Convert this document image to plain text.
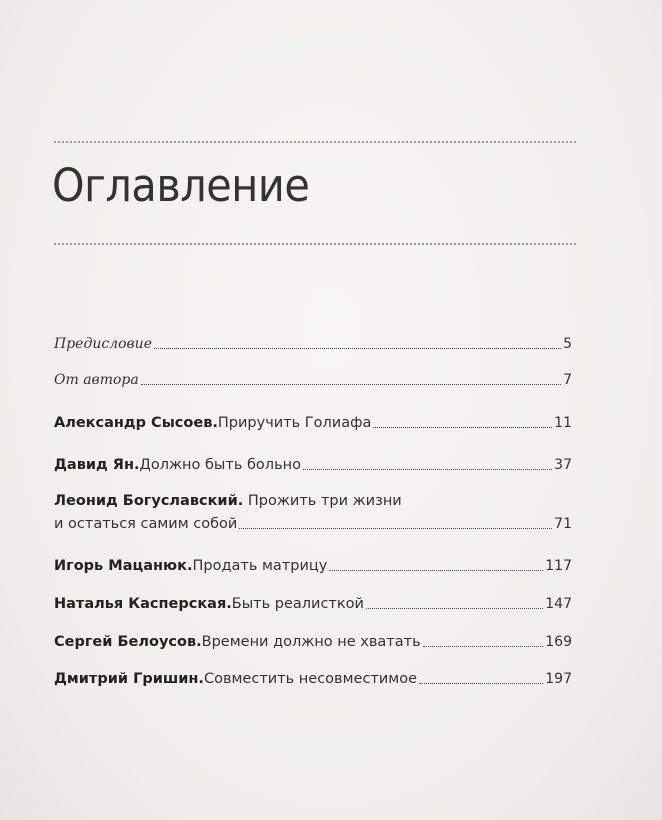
Оглавление
Предисловие	5
От автора	7
Александр Сысоев. Приручить Голиафа	11
Давид Ян. Должно быть больно	37
Леонид Богуславский. Прожить три жизни
и остаться самим собой	71
Игорь Мацанюк. Продать матрицу	117
Наталья Касперская. Быть реалисткой	147
Сергей Белоусов. Времени должно не хватать	169
Дмитрий Гришин. Совместить несовместимое	197
